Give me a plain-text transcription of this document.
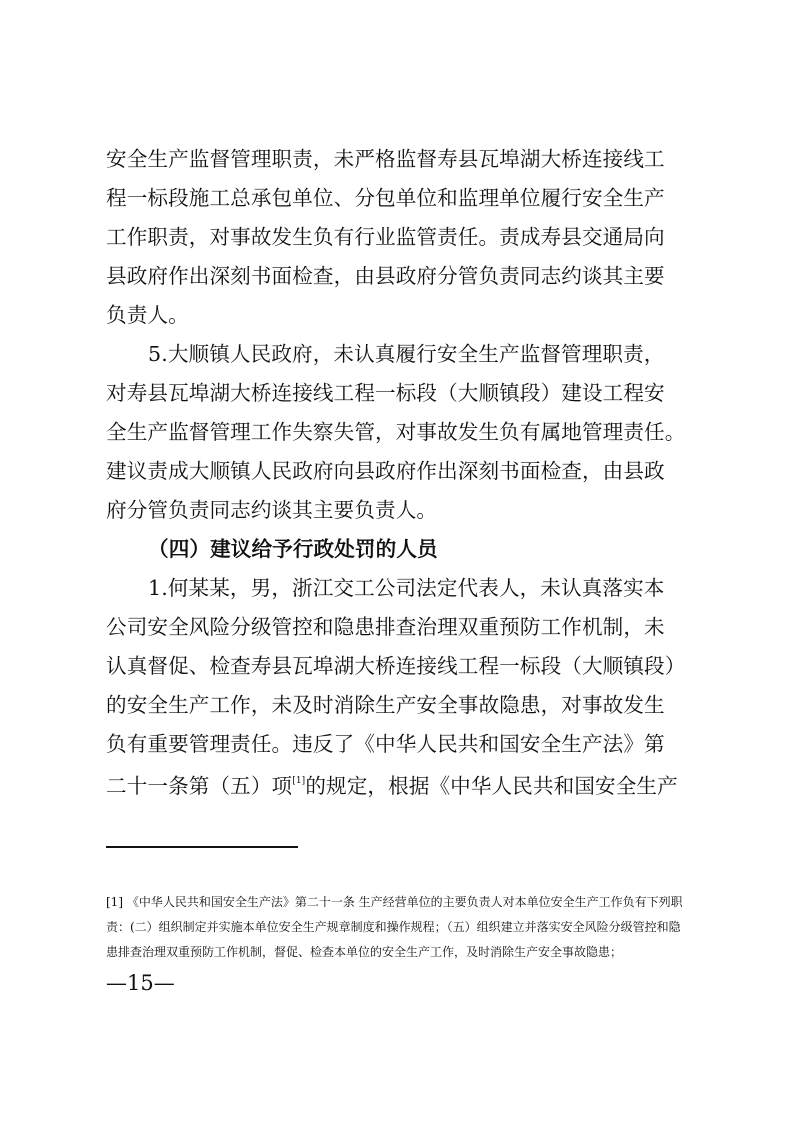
安全生产监督管理职责，未严格监督寿县瓦埠湖大桥连接线工
程一标段施工总承包单位、分包单位和监理单位履行安全生产
工作职责，对事故发生负有行业监管责任。责成寿县交通局向
县政府作出深刻书面检查，由县政府分管负责同志约谈其主要
负责人。
5.大顺镇人民政府，未认真履行安全生产监督管理职责，
对寿县瓦埠湖大桥连接线工程一标段（大顺镇段）建设工程安
全生产监督管理工作失察失管，对事故发生负有属地管理责任。
建议责成大顺镇人民政府向县政府作出深刻书面检查，由县政
府分管负责同志约谈其主要负责人。
（四）建议给予行政处罚的人员
1.何某某，男，浙江交工公司法定代表人，未认真落实本
公司安全风险分级管控和隐患排查治理双重预防工作机制，未
认真督促、检查寿县瓦埠湖大桥连接线工程一标段（大顺镇段）
的安全生产工作，未及时消除生产安全事故隐患，对事故发生
负有重要管理责任。违反了《中华人民共和国安全生产法》第
二十一条第（五）项[1]的规定，根据《中华人民共和国安全生产
[1] 《中华人民共和国安全生产法》第二十一条 生产经营单位的主要负责人对本单位安全生产工作负有下列职
责：(二）组织制定并实施本单位安全生产规章制度和操作规程；（五）组织建立并落实安全风险分级管控和隐
患排查治理双重预防工作机制，督促、检查本单位的安全生产工作，及时消除生产安全事故隐患；
—15—
